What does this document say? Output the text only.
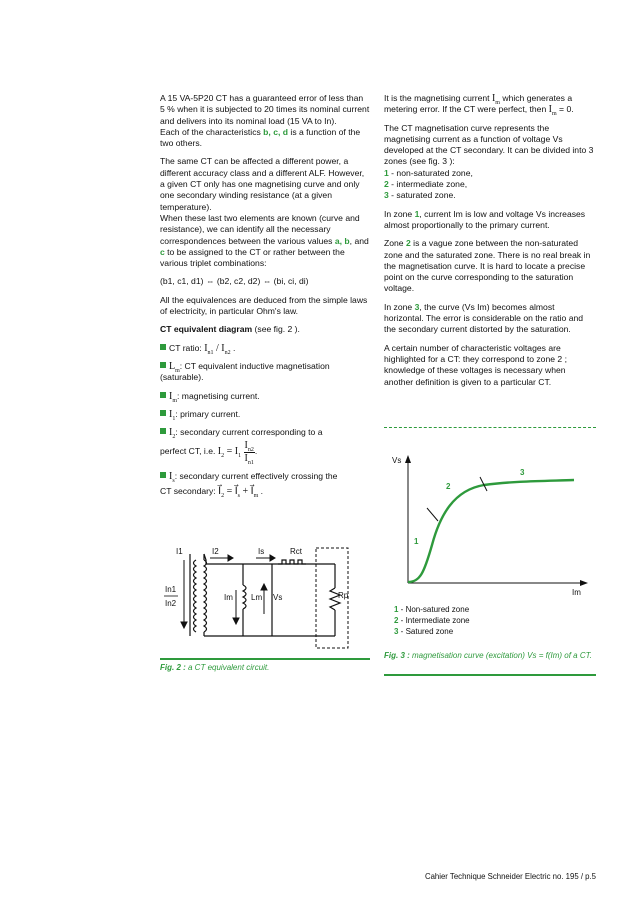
A 15 VA-5P20 CT has a guaranteed error of less than 5 % when it is subjected to 20 times its nominal current and delivers into its nominal load (15 VA to In).

Each of the characteristics b, c, d is a function of the two others.

The same CT can be affected a different power, a different accuracy class and a different ALF. However, a given CT only has one magnetising curve and only one secondary winding resistance (at a given temperature).

When these last two elements are known (curve and resistance), we can identify all the necessary correspondences between the various values a, b, and c to be assigned to the CT or rather between the various triplet combinations:

(b1, c1, d1) ⇔ (b2, c2, d2) ⇔ (bi, ci, di)

All the equivalences are deduced from the simple laws of electricity, in particular Ohm's law.

CT equivalent diagram (see fig. 2 ).

CT ratio: $I_{n1} / I_{n2}$ .

$L_m$: CT equivalent inductive magnetisation (saturable).

$I_m$: magnetising current.

$I_1$: primary current.

$I_2$: secondary current corresponding to a

perfect CT, i.e. $I_2 = I_1 \frac{I_{n2}}{I_{n1}}$ .

$I_s$: secondary current effectively crossing the

CT secondary: $I⃗_2$ = $I⃗_s$ + $I⃗_m$ .

I1	I2	Is	Rct
Im Lm Vs	Rp
In1
In2
Fig. 2 : a CT equivalent circuit.

It is the magnetising current $I_m$ which generates a metering error. If the CT were perfect, then $I_m = 0$.

The CT magnetisation curve represents the magnetising current as a function of voltage Vs developed at the CT secondary. It can be divided into 3 zones (see fig. 3 ):

1 - non-saturated zone,
2 - intermediate zone,
3 - saturated zone.

In zone 1, current Im is low and voltage Vs increases almost proportionally to the primary current.

Zone 2 is a vague zone between the non-saturated zone and the saturated zone. There is no real break in the magnetisation curve. It is hard to locate a precise point on the curve corresponding to the saturation voltage.

In zone 3, the curve (Vs Im) becomes almost horizontal. The error is considerable on the ratio and the secondary current distorted by the saturation.

A certain number of characteristic voltages are highlighted for a CT: they correspond to zone 2 ; knowledge of these voltages is necessary when another definition is given to a particular CT.

Vs
Im
1
2
3
1 - Non-satured zone
2 - Intermediate zone
3 - Satured zone
Fig. 3 : magnetisation curve (excitation) Vs = f(Im) of a CT.
Cahier Technique Schneider Electric no. 195 / p.5
